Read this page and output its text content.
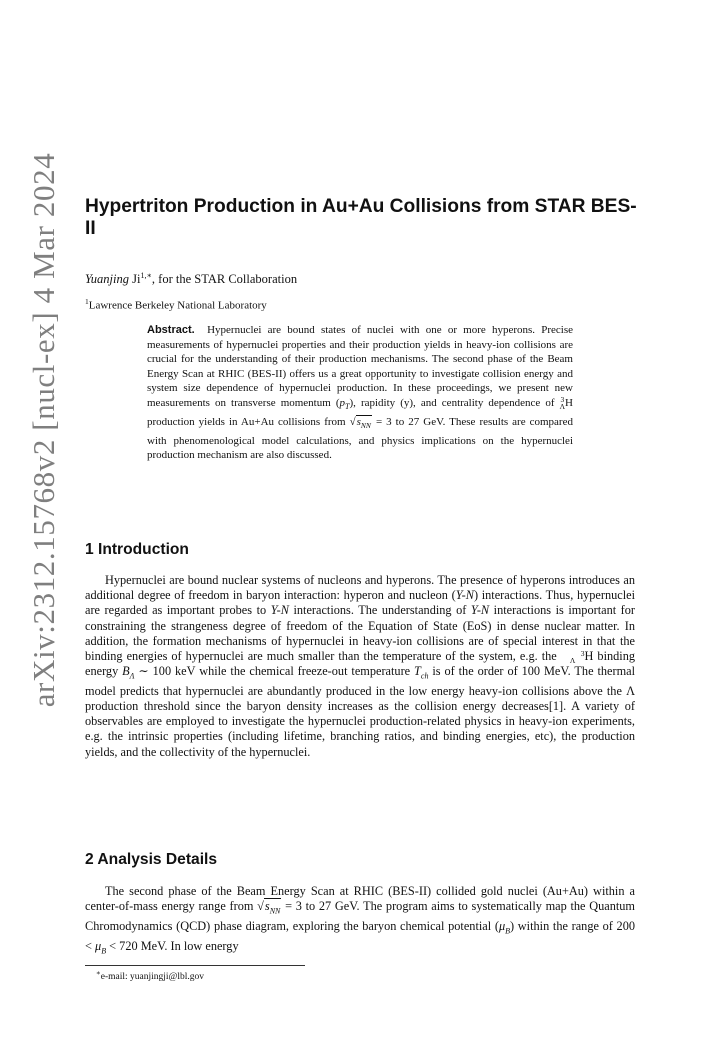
arXiv:2312.15768v2 [nucl-ex] 4 Mar 2024 Hypertriton Production in Au+Au Collisions from STAR BES-II
Yuanjing $Ji^{1,∗}$, for the STAR Collaboration
$^1$Lawrence Berkeley National Laboratory

Abstract. Hypernuclei are bound states of nuclei with one or more hyperons. Precise measurements of hypernuclei properties and their production yields in heavy-ion collisions are crucial for the understanding of their production mechanisms. The second phase of the Beam Energy Scan at RHIC (BES-II) offers us a great opportunity to investigate collision energy and system size dependence of hypernuclei production. In these proceedings, we present new measurements on transverse momentum $(p_T)$, rapidity (y), and centrality dependence of 3
ΛH production yields in Au+Au collisions from $√s_{NN} = 3$ to 27 GeV. These results are compared with phenomenological model calculations, and physics implications on the hypernuclei production mechanism are also discussed.

1 Introduction

Hypernuclei are bound nuclear systems of nucleons and hyperons. The presence of hyperons introduces an additional degree of freedom in baryon interaction: hyperon and nucleon (Y-N) interactions. Thus, hypernuclei are regarded as important probes to Y-N interactions. The understanding of Y-N interactions is important for constraining the strangeness degree of freedom of the Equation of State (EoS) in dense nuclear matter. In addition, the formation mechanisms of hypernuclei in heavy-ion collisions are of special interest in that the binding energies of hypernuclei are much smaller than the temperature of the system, e.g. the	3
Λ H binding energy $B_\Lambda$ ∼ 100 keV while the chemical freeze-out temperature $T_{ch}$ is of the order of 100 MeV. The thermal model predicts that hypernuclei are abundantly produced in the low energy heavy-ion collisions above the Λ production threshold since the baryon density increases as the collision energy decreases[1]. A variety of observables are employed to investigate the hypernuclei production-related physics in heavy-ion experiments, e.g. the intrinsic properties (including lifetime, branching ratios, and binding energies, etc), the production yields, and the collectivity of the hypernuclei.

2 Analysis Details

The second phase of the Beam Energy Scan at RHIC (BES-II) collided gold nuclei (Au+Au) within a center-of-mass energy range from $√s_{NN} = 3$ to 27 GeV. The program aims to systematically map the Quantum Chromodynamics (QCD) phase diagram, exploring the baryon chemical potential $(\mu_B)$ within the range of $200 < \mu_B < 720$ MeV. In low energy

∗e-mail: yuanjingji@lbl.gov
